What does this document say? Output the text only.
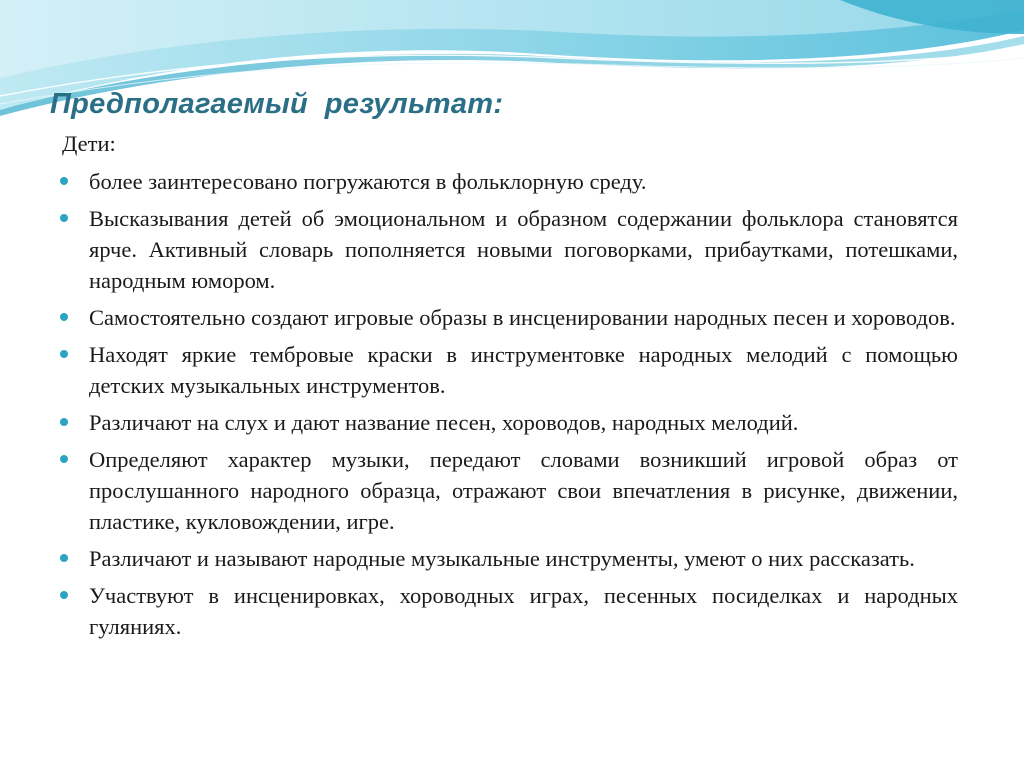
Предполагаемый  результат:

Дети:

более заинтересовано погружаются в фольклорную среду.
Высказывания детей об эмоциональном и образном содержании фольклора становятся ярче. Активный словарь пополняется новыми поговорками, прибаутками, потешками, народным юмором.
Самостоятельно создают игровые образы в инсценировании народных песен и хороводов.
Находят яркие тембровые краски в инструментовке народных мелодий с помощью детских музыкальных инструментов.
Различают на слух и дают название песен, хороводов, народных мелодий.
Определяют характер музыки, передают словами возникший игровой образ от прослушанного народного образца, отражают свои впечатления в рисунке, движении, пластике, кукловождении, игре.
Различают и называют народные музыкальные инструменты, умеют о них рассказать.
Участвуют в инсценировках, хороводных играх, песенных посиделках и народных гуляниях.
